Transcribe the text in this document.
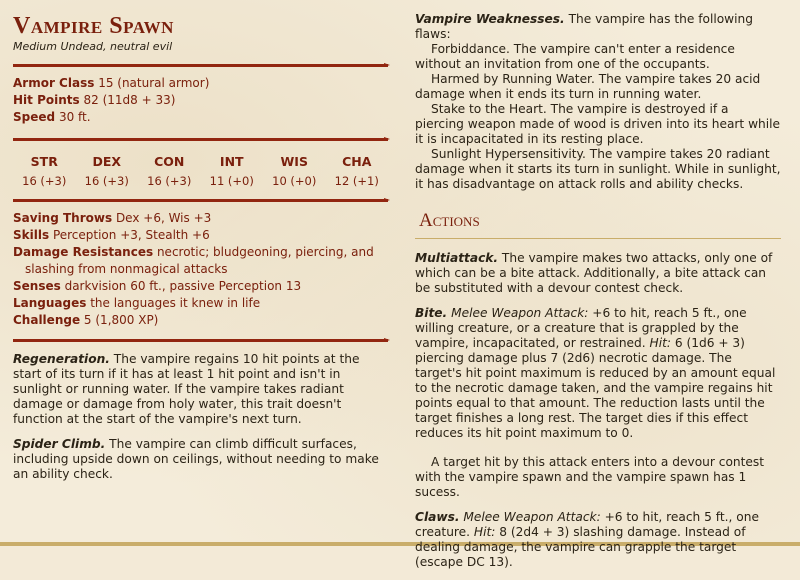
Vampire Spawn
Medium Undead, neutral evil
Armor Class 15 (natural armor)
Hit Points 82 (11d8 + 33)
Speed 30 ft.
STR
16 (+3)
DEX
16 (+3)
CON
16 (+3)
INT
11 (+0)
WIS
10 (+0)
CHA
12 (+1)
Saving Throws Dex +6, Wis +3
Skills Perception +3, Stealth +6
Damage Resistances necrotic; bludgeoning, piercing, and slashing from nonmagical attacks
Senses darkvision 60 ft., passive Perception 13
Languages the languages it knew in life
Challenge 5 (1,800 XP)
Regeneration. The vampire regains 10 hit points at the start of its turn if it has at least 1 hit point and isn't in sunlight or running water. If the vampire takes radiant damage or damage from holy water, this trait doesn't function at the start of the vampire's next turn.
Spider Climb. The vampire can climb difficult surfaces, including upside down on ceilings, without needing to make an ability check.
Vampire Weaknesses. The vampire has the following flaws:
Forbiddance. The vampire can't enter a residence without an invitation from one of the occupants.
Harmed by Running Water. The vampire takes 20 acid damage when it ends its turn in running water.
Stake to the Heart. The vampire is destroyed if a piercing weapon made of wood is driven into its heart while it is incapacitated in its resting place.
Sunlight Hypersensitivity. The vampire takes 20 radiant damage when it starts its turn in sunlight. While in sunlight, it has disadvantage on attack rolls and ability checks.
Actions
Multiattack. The vampire makes two attacks, only one of which can be a bite attack. Additionally, a bite attack can be substituted with a devour contest check.
Bite. Melee Weapon Attack: +6 to hit, reach 5 ft., one willing creature, or a creature that is grappled by the vampire, incapacitated, or restrained. Hit: 6 (1d6 + 3) piercing damage plus 7 (2d6) necrotic damage. The target's hit point maximum is reduced by an amount equal to the necrotic damage taken, and the vampire regains hit points equal to that amount. The reduction lasts until the target finishes a long rest. The target dies if this effect reduces its hit point maximum to 0.
A target hit by this attack enters into a devour contest with the vampire spawn and the vampire spawn has 1 sucess.
Claws. Melee Weapon Attack: +6 to hit, reach 5 ft., one creature. Hit: 8 (2d4 + 3) slashing damage. Instead of dealing damage, the vampire can grapple the target (escape DC 13).
